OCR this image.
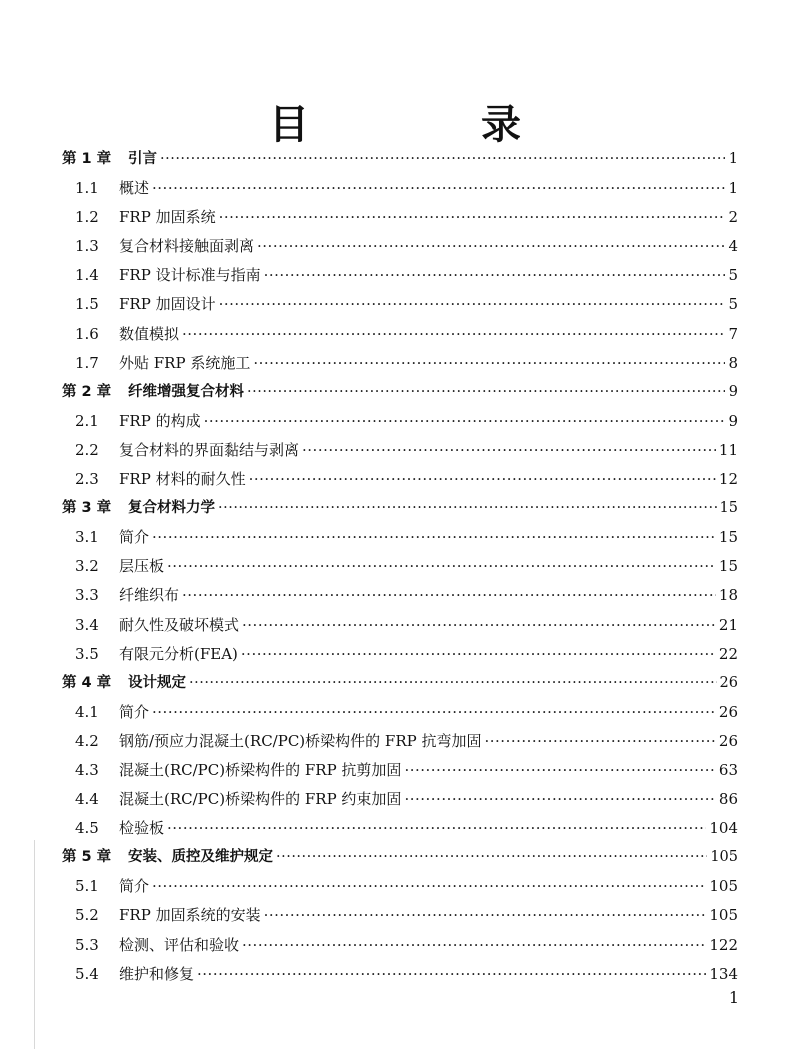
目　录
第 1 章	引言 ·····	1
1.1	概述 ·····	1
1.2	FRP 加固系统 ·····	2
1.3	复合材料接触面剥离 ·····	4
1.4	FRP 设计标准与指南 ·····	5
1.5	FRP 加固设计 ·····	5
1.6	数值模拟 ·····	7
1.7	外贴 FRP 系统施工 ·····	8
第 2 章	纤维增强复合材料 ·····	9
2.1	FRP 的构成 ·····	9
2.2	复合材料的界面黏结与剥离 ·····	11
2.3	FRP 材料的耐久性 ·····	12
第 3 章	复合材料力学 ·····	15
3.1	简介 ·····	15
3.2	层压板 ·····	15
3.3	纤维织布 ·····	18
3.4	耐久性及破坏模式 ·····	21
3.5	有限元分析(FEA) ·····	22
第 4 章	设计规定 ·····	26
4.1	简介 ·····	26
4.2	钢筋/预应力混凝土(RC/PC)桥梁构件的 FRP 抗弯加固 ·····	26
4.3	混凝土(RC/PC)桥梁构件的 FRP 抗剪加固 ·····	63
4.4	混凝土(RC/PC)桥梁构件的 FRP 约束加固 ·····	86
4.5	检验板 ·····	104
第 5 章	安装、质控及维护规定 ·····	105
5.1	简介 ·····	105
5.2	FRP 加固系统的安装 ·····	105
5.3	检测、评估和验收 ·····	122
5.4	维护和修复 ·····	134
1
